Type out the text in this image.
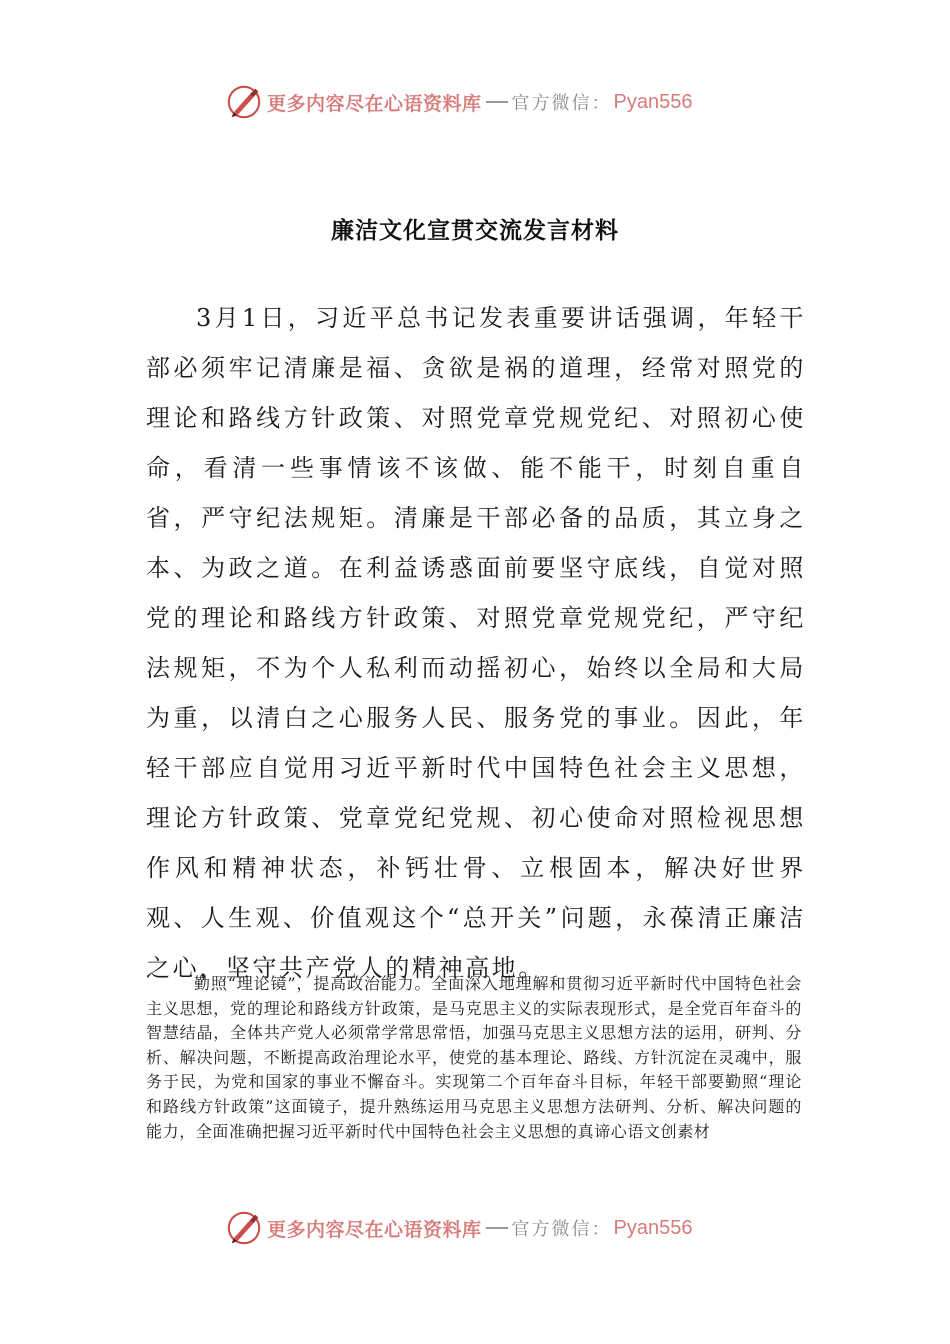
更多内容尽在心语资料库 官方微信： Pyan556
廉洁文化宣贯交流发言材料

3月1日，习近平总书记发表重要讲话强调，年轻干部必须牢记清廉是福、贪欲是祸的道理，经常对照党的理论和路线方针政策、对照党章党规党纪、对照初心使命，看清一些事情该不该做、能不能干，时刻自重自省，严守纪法规矩。清廉是干部必备的品质，其立身之本、为政之道。在利益诱惑面前要坚守底线，自觉对照党的理论和路线方针政策、对照党章党规党纪，严守纪法规矩，不为个人私利而动摇初心，始终以全局和大局为重，以清白之心服务人民、服务党的事业。因此，年轻干部应自觉用习近平新时代中国特色社会主义思想，理论方针政策、党章党纪党规、初心使命对照检视思想作风和精神状态，补钙壮骨、立根固本，解决好世界观、人生观、价值观这个“总开关”问题，永葆清正廉洁之心，坚守共产党人的精神高地。

勤照“理论镜”，提高政治能力。全面深入地理解和贯彻习近平新时代中国特色社会主义思想，党的理论和路线方针政策，是马克思主义的实际表现形式，是全党百年奋斗的智慧结晶，全体共产党人必须常学常思常悟，加强马克思主义思想方法的运用，研判、分析、解决问题，不断提高政治理论水平，使党的基本理论、路线、方针沉淀在灵魂中，服务于民，为党和国家的事业不懈奋斗。实现第二个百年奋斗目标，年轻干部要勤照“理论和路线方针政策”这面镜子，提升熟练运用马克思主义思想方法研判、分析、解决问题的能力，全面准确把握习近平新时代中国特色社会主义思想的真谛心语文创素材

更多内容尽在心语资料库 官方微信： Pyan556
